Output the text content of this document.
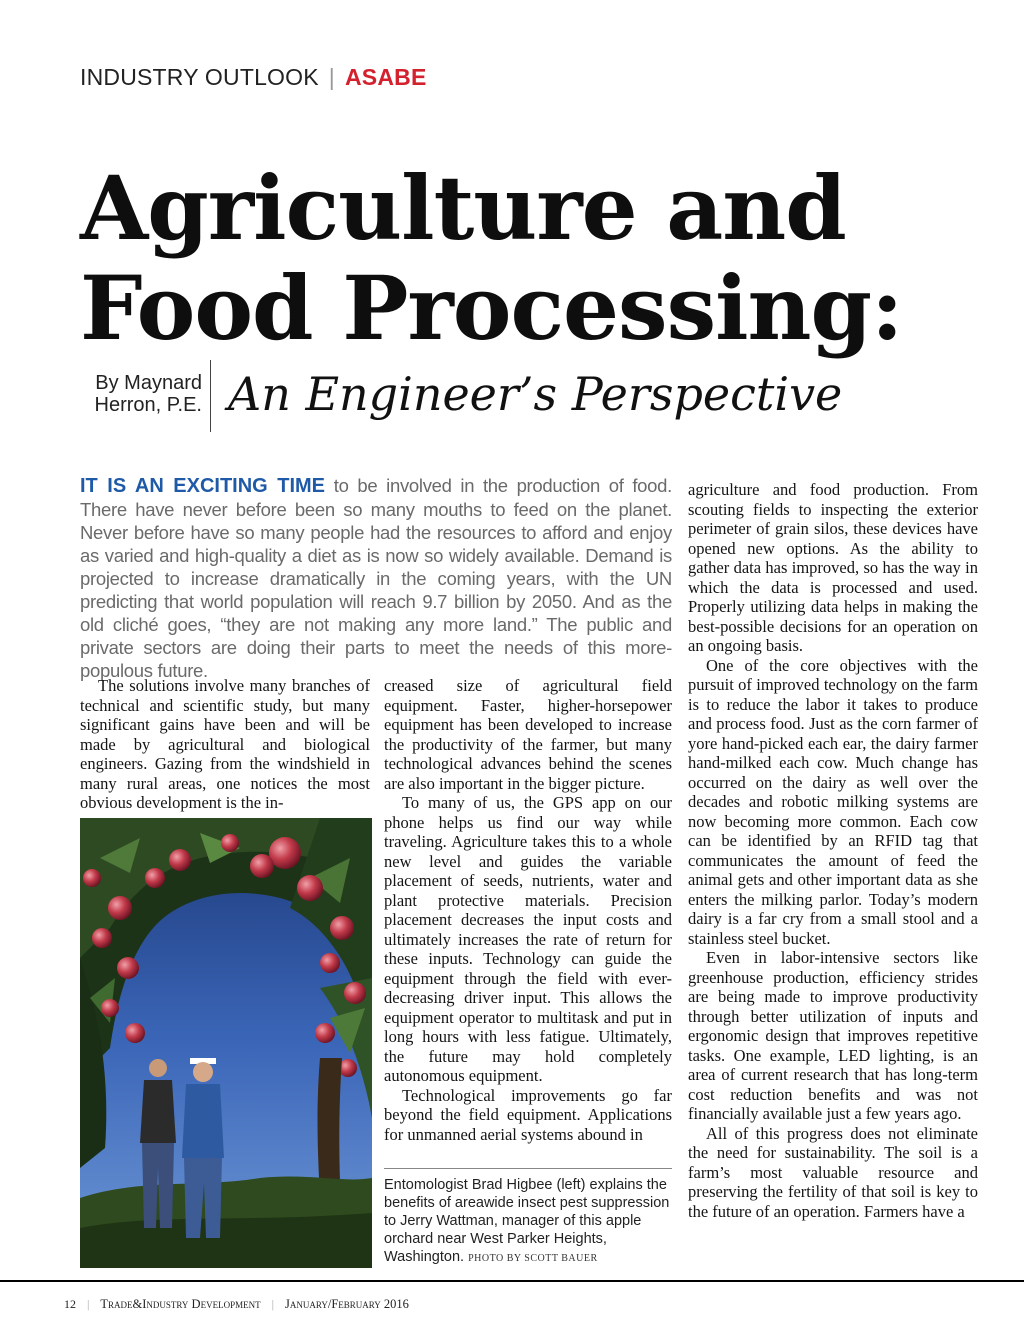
INDUSTRY OUTLOOK | ASABE
Agriculture and
Food Processing:
By Maynard
Herron, P.E. An Engineer’s Perspective

IT IS AN EXCITING TIME to be involved in the production of food. There have never before been so many mouths to feed on the planet. Never before have so many people had the resources to afford and enjoy as varied and high-quality a diet as is now so widely available. Demand is projected to increase dramatically in the coming years, with the UN predicting that world population will reach 9.7 billion by 2050. And as the old cliché goes, “they are not making any more land.” The public and private sectors are doing their parts to meet the needs of this more-populous future.

The solutions involve many branches of technical and scientific study, but many significant gains have been and will be made by agricultural and biological engineers. Gazing from the windshield in many rural areas, one notices the most obvious development is the in-

creased size of agricultural field equipment. Faster, higher-horsepower equipment has been developed to increase the productivity of the farmer, but many technological advances behind the scenes are also important in the bigger picture.

To many of us, the GPS app on our phone helps us find our way while traveling. Agriculture takes this to a whole new level and guides the variable placement of seeds, nutrients, water and plant protective materials. Precision placement decreases the input costs and ultimately increases the rate of return for these inputs. Technology can guide the equipment through the field with ever-decreasing driver input. This allows the equipment operator to multitask and put in long hours with less fatigue. Ultimately, the future may hold completely autonomous equipment.

Technological improvements go far beyond the field equipment. Applications for unmanned aerial systems abound in

Entomologist Brad Higbee (left) explains the benefits of areawide insect pest suppression to Jerry Wattman, manager of this apple orchard near West Parker Heights, Washington. PHOTO BY SCOTT BAUER

agriculture and food production. From scouting fields to inspecting the exterior perimeter of grain silos, these devices have opened new options. As the ability to gather data has improved, so has the way in which the data is processed and used. Properly utilizing data helps in making the best-possible decisions for an operation on an ongoing basis.

One of the core objectives with the pursuit of improved technology on the farm is to reduce the labor it takes to produce and process food. Just as the corn farmer of yore hand-picked each ear, the dairy farmer hand-milked each cow. Much change has occurred on the dairy as well over the decades and robotic milking systems are now becoming more common. Each cow can be identified by an RFID tag that communicates the amount of feed the animal gets and other important data as she enters the milking parlor. Today’s modern dairy is a far cry from a small stool and a stainless steel bucket.

Even in labor-intensive sectors like greenhouse production, efficiency strides are being made to improve productivity through better utilization of inputs and ergonomic design that improves repetitive tasks. One example, LED lighting, is an area of current research that has long-term cost reduction benefits and was not financially available just a few years ago.

All of this progress does not eliminate the need for sustainability. The soil is a farm’s most valuable resource and preserving the fertility of that soil is key to the future of an operation. Farmers have a

12 | Trade&Industry Development | January/February 2016
